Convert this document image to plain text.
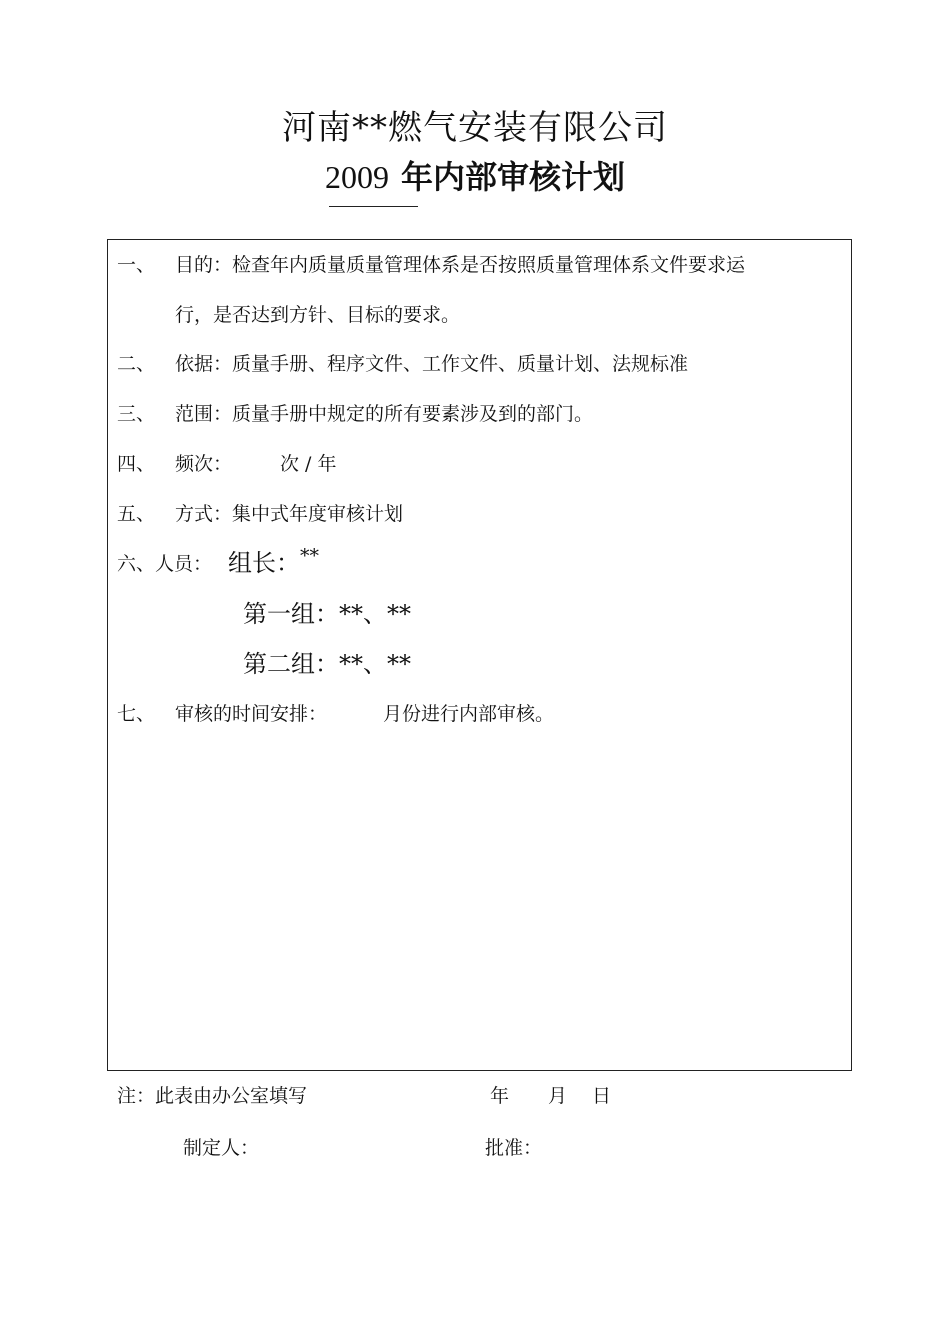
河南**燃气安装有限公司
2009 年内部审核计划
一、 目的：检查年内质量质量管理体系是否按照质量管理体系文件要求运
行，是否达到方针、目标的要求。
二、 依据：质量手册、程序文件、工作文件、质量计划、法规标准
三、 范围：质量手册中规定的所有要素涉及到的部门。
四、 频次：	次 / 年
五、 方式：集中式年度审核计划
六、人员： 组长： **
第一组：**、**
第二组：**、**
七、 审核的时间安排：	月份进行内部审核。
注：此表由办公室填写	年 月 日
制定人：	批准：
